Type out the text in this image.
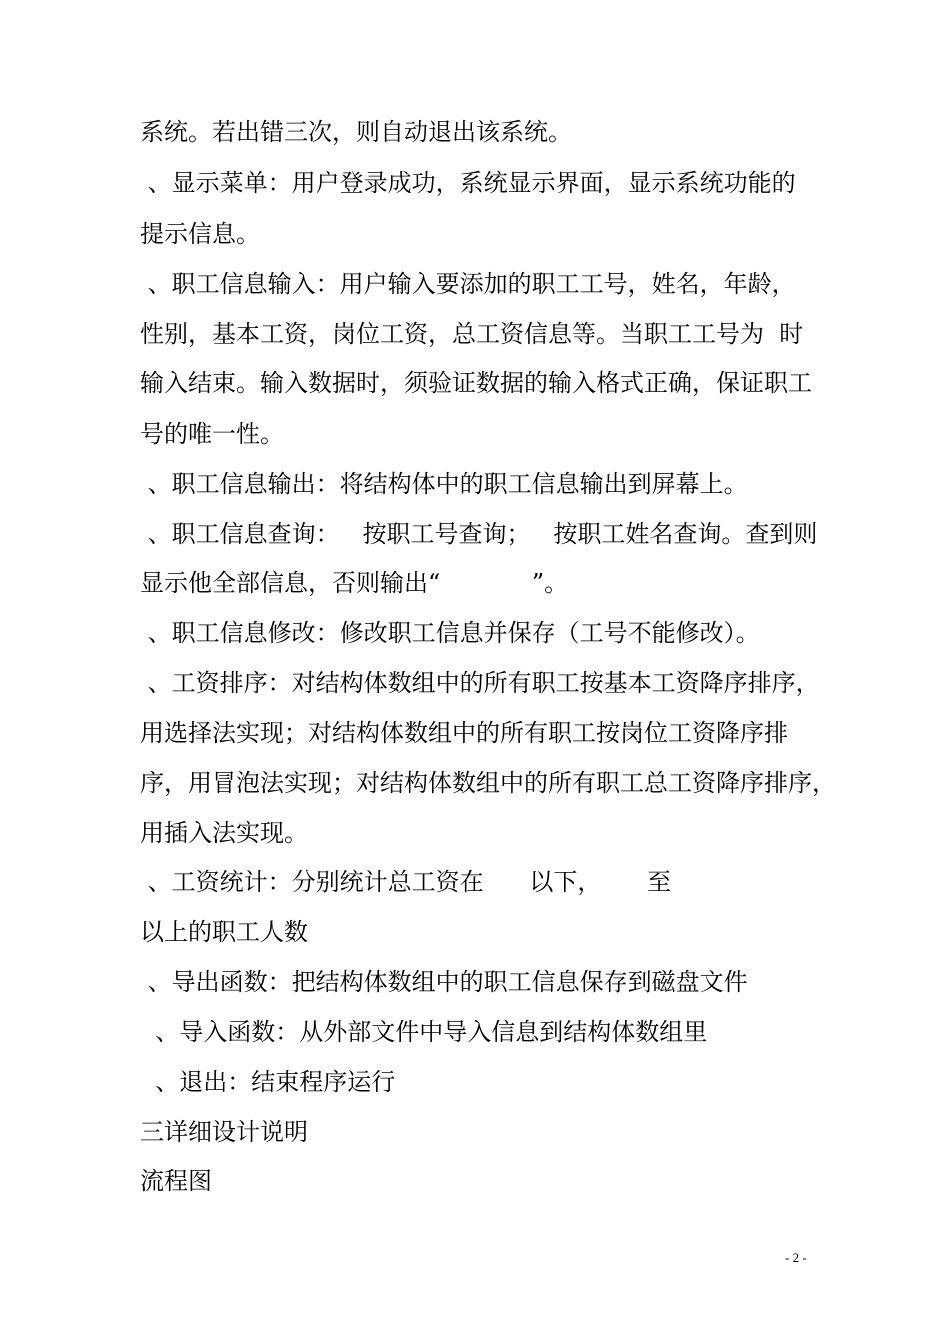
系统。若出错三次，则自动退出该系统。

、显示菜单：用户登录成功，系统显示界面，显示系统功能的

提示信息。

、职工信息输入：用户输入要添加的职工工号，姓名，年龄，

性别，基本工资，岗位工资，总工资信息等。当职工工号为  时

输入结束。输入数据时，须验证数据的输入格式正确，保证职工

号的唯一性。

、职工信息输出：将结构体中的职工信息输出到屏幕上。

、职工信息查询：   按职工号查询；   按职工姓名查询。查到则

显示他全部信息，否则输出“            ”。

、职工信息修改：修改职工信息并保存（工号不能修改）。

、工资排序：对结构体数组中的所有职工按基本工资降序排序，

用选择法实现；对结构体数组中的所有职工按岗位工资降序排

序，用冒泡法实现；对结构体数组中的所有职工总工资降序排序，

用插入法实现。

、工资统计：分别统计总工资在      以下，      至

以上的职工人数

、导出函数：把结构体数组中的职工信息保存到磁盘文件

、导入函数：从外部文件中导入信息到结构体数组里

、退出：结束程序运行

三详细设计说明

流程图

- 2 -
